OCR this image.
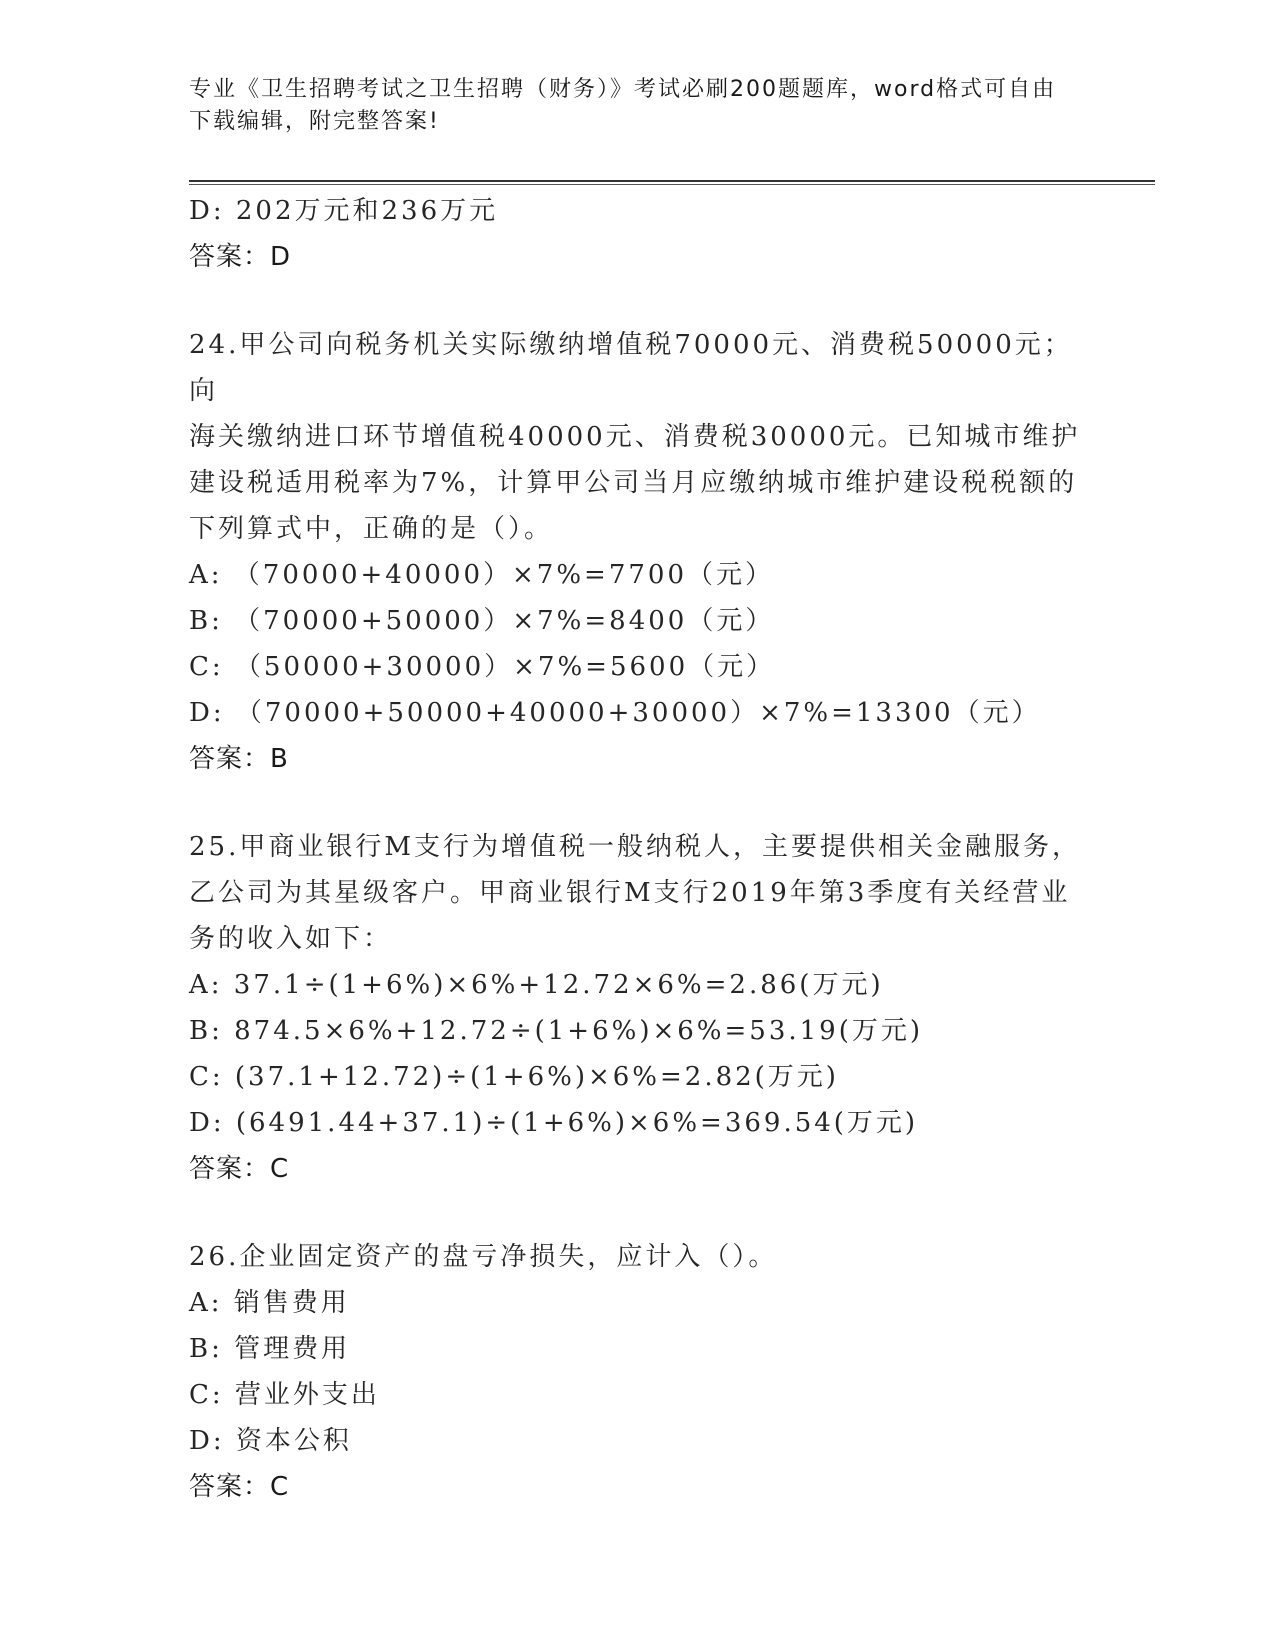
专业《卫生招聘考试之卫生招聘（财务）》考试必刷200题题库，word格式可自由下载编辑，附完整答案!
D: 202万元和236万元
答案：D
24.甲公司向税务机关实际缴纳增值税70000元、消费税50000元；向
海关缴纳进口环节增值税40000元、消费税30000元。已知城市维护
建设税适用税率为7%，计算甲公司当月应缴纳城市维护建设税税额的
下列算式中，正确的是（）。
A: （70000+40000）×7%=7700（元）
B: （70000+50000）×7%=8400（元）
C: （50000+30000）×7%=5600（元）
D: （70000+50000+40000+30000）×7%=13300（元）
答案：B
25.甲商业银行M支行为增值税一般纳税人，主要提供相关金融服务，
乙公司为其星级客户。甲商业银行M支行2019年第3季度有关经营业
务的收入如下：
A: 37.1÷(1+6%)×6%+12.72×6%=2.86(万元)
B: 874.5×6%+12.72÷(1+6%)×6%=53.19(万元)
C: (37.1+12.72)÷(1+6%)×6%=2.82(万元)
D: (6491.44+37.1)÷(1+6%)×6%=369.54(万元)
答案：C
26.企业固定资产的盘亏净损失，应计入（）。
A: 销售费用
B: 管理费用
C: 营业外支出
D: 资本公积
答案：C
